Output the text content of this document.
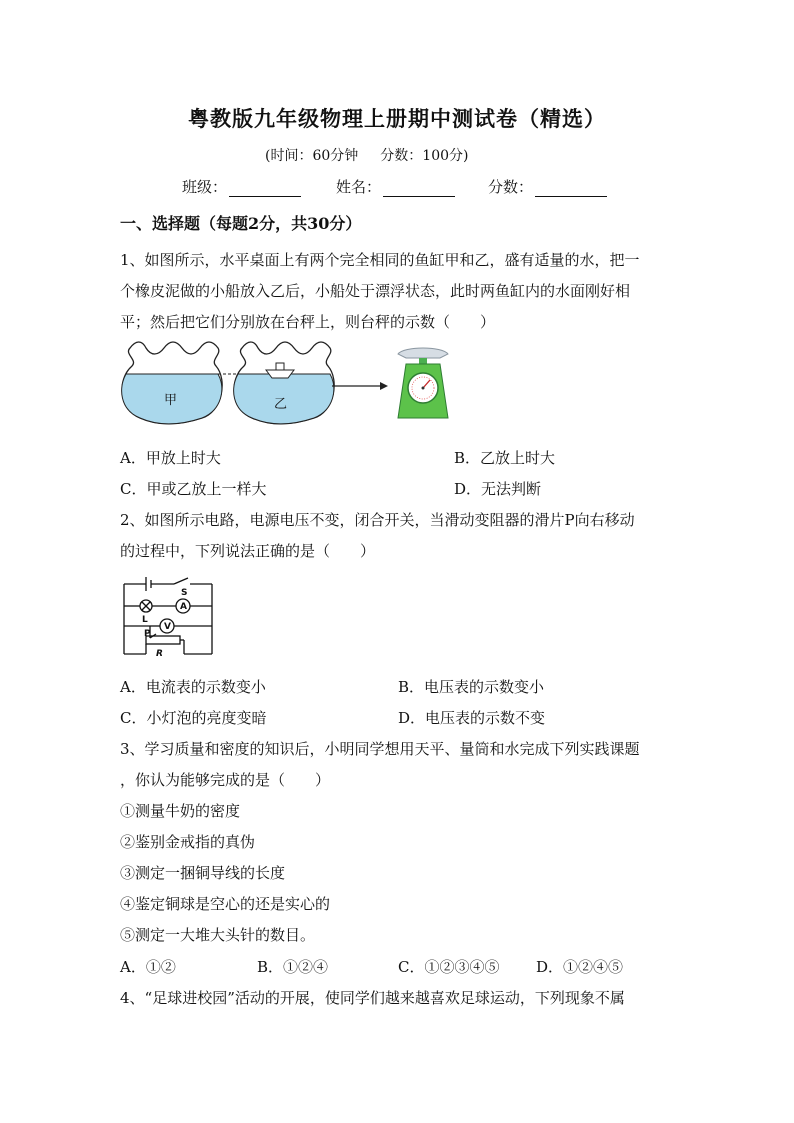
粤教版九年级物理上册期中测试卷（精选）
(时间：60分钟 分数：100分)
班级：	姓名：	分数：
一、选择题（每题2分，共30分）
1、如图所示，水平桌面上有两个完全相同的鱼缸甲和乙，盛有适量的水，把一
个橡皮泥做的小船放入乙后，小船处于漂浮状态，此时两鱼缸内的水面刚好相
平；然后把它们分别放在台秤上，则台秤的示数（　　）
甲	乙
A．甲放上时大	B．乙放上时大
C．甲或乙放上一样大	D．无法判断
2、如图所示电路，电源电压不变，闭合开关，当滑动变阻器的滑片P向右移动
的过程中，下列说法正确的是（　　）
S
A
V
L
P
R
A．电流表的示数变小	B．电压表的示数变小
C．小灯泡的亮度变暗	D．电压表的示数不变
3、学习质量和密度的知识后，小明同学想用天平、量筒和水完成下列实践课题
，你认为能够完成的是（　　）
①测量牛奶的密度
②鉴别金戒指的真伪
③测定一捆铜导线的长度
④鉴定铜球是空心的还是实心的
⑤测定一大堆大头针的数目。
A．①②	B．①②④	C．①②③④⑤ D．①②④⑤
4、“足球进校园”活动的开展，使同学们越来越喜欢足球运动，下列现象不属
